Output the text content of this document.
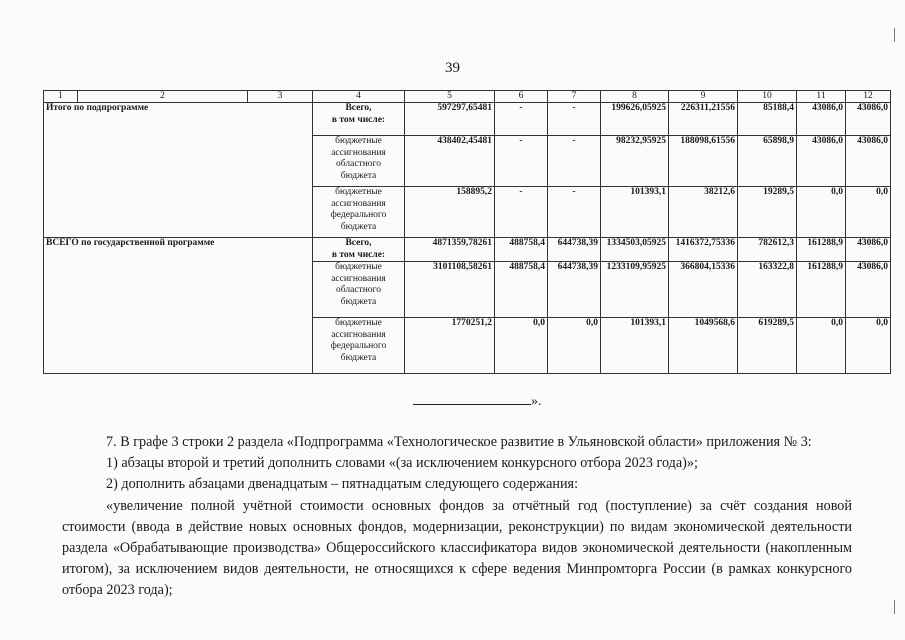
39
1	2	3	4	5	6	7	8	9	10	11	12
Итого по подпрограмме			Всего,
в том числе:	597297,65481	-	-	199626,05925	226311,21556	85188,4	43086,0	43086,0
			бюджетные
ассигнования
областного
бюджета	438402,45481	-	-	98232,95925	188098,61556	65898,9	43086,0	43086,0
			бюджетные
ассигнования
федерального
бюджета	158895,2	-	-	101393,1	38212,6	19289,5	0,0	0,0
ВСЕГО по государственной программе			Всего,
в том числе:	4871359,78261	488758,4	644738,39	1334503,05925	1416372,75336	782612,3	161288,9	43086,0
			бюджетные
ассигнования
областного
бюджета	3101108,58261	488758,4	644738,39	1233109,95925	366804,15336	163322,8	161288,9	43086,0
			бюджетные
ассигнования
федерального
бюджета	1770251,2	0,0	0,0	101393,1	1049568,6	619289,5	0,0	0,0
».

7. В графе 3 строки 2 раздела «Подпрограмма «Технологическое развитие в Ульяновской области» приложения № 3:

1) абзацы второй и третий дополнить словами «(за исключением конкурсного отбора 2023 года)»;

2) дополнить абзацами двенадцатым – пятнадцатым следующего содержания:

«увеличение полной учётной стоимости основных фондов за отчётный год (поступление) за счёт создания новой стоимости (ввода в действие новых основных фондов, модернизации, реконструкции) по видам экономической деятельности раздела «Обрабатывающие производства» Общероссийского классификатора видов экономической деятельности (накопленным итогом), за исключением видов деятельности, не относящихся к сфере ведения Минпромторга России (в рамках конкурсного отбора 2023 года);
